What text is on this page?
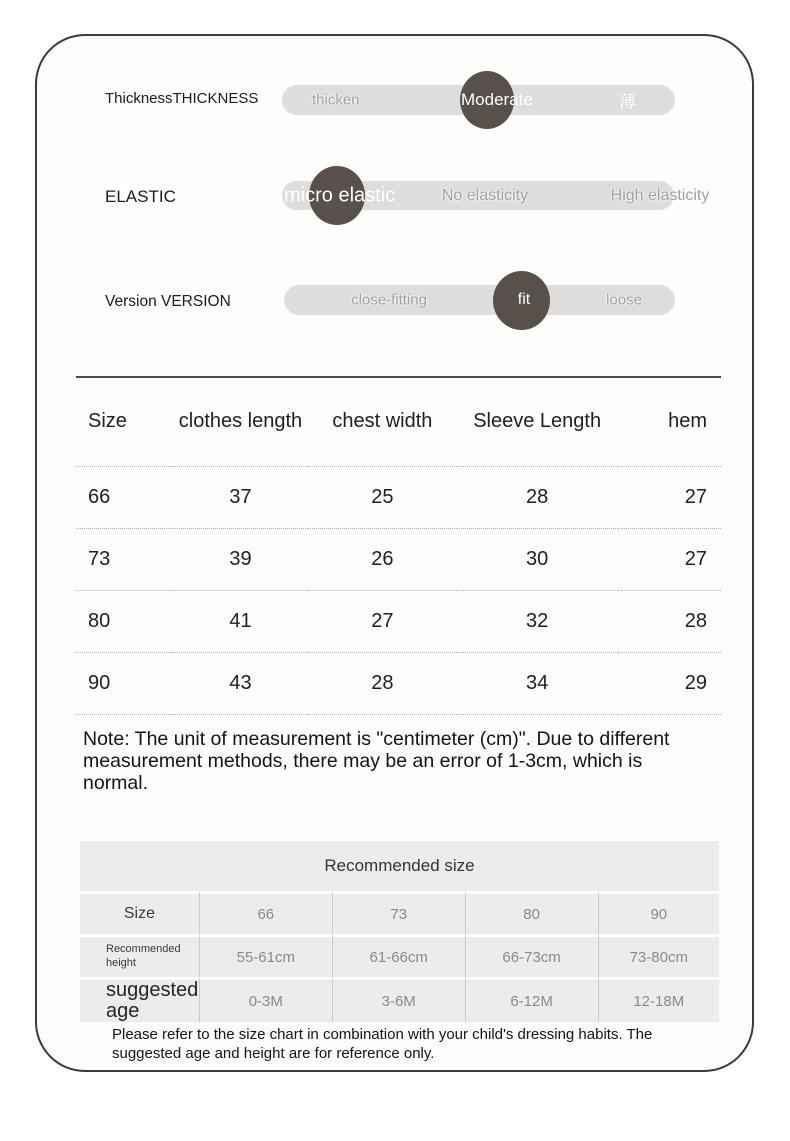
ThicknessTHICKNESS	thicken	Moderate	薄
ELASTIC	micro elastic	No elasticity	High elasticity
Version VERSION	close-fitting	fit	loose
Size	clothes length	chest width	Sleeve Length	hem
66	37	25	28	27
73	39	26	30	27
80	41	27	32	28
90	43	28	34	29

Note: The unit of measurement is "centimeter (cm)". Due to different measurement methods, there may be an error of 1-3cm, which is normal.

Recommended size				
Size	66	73	80	90
Recommended height	55-61cm	61-66cm	66-73cm	73-80cm
suggested age	0-3M	3-6M	6-12M	12-18M

Please refer to the size chart in combination with your child's dressing habits. The suggested age and height are for reference only.
